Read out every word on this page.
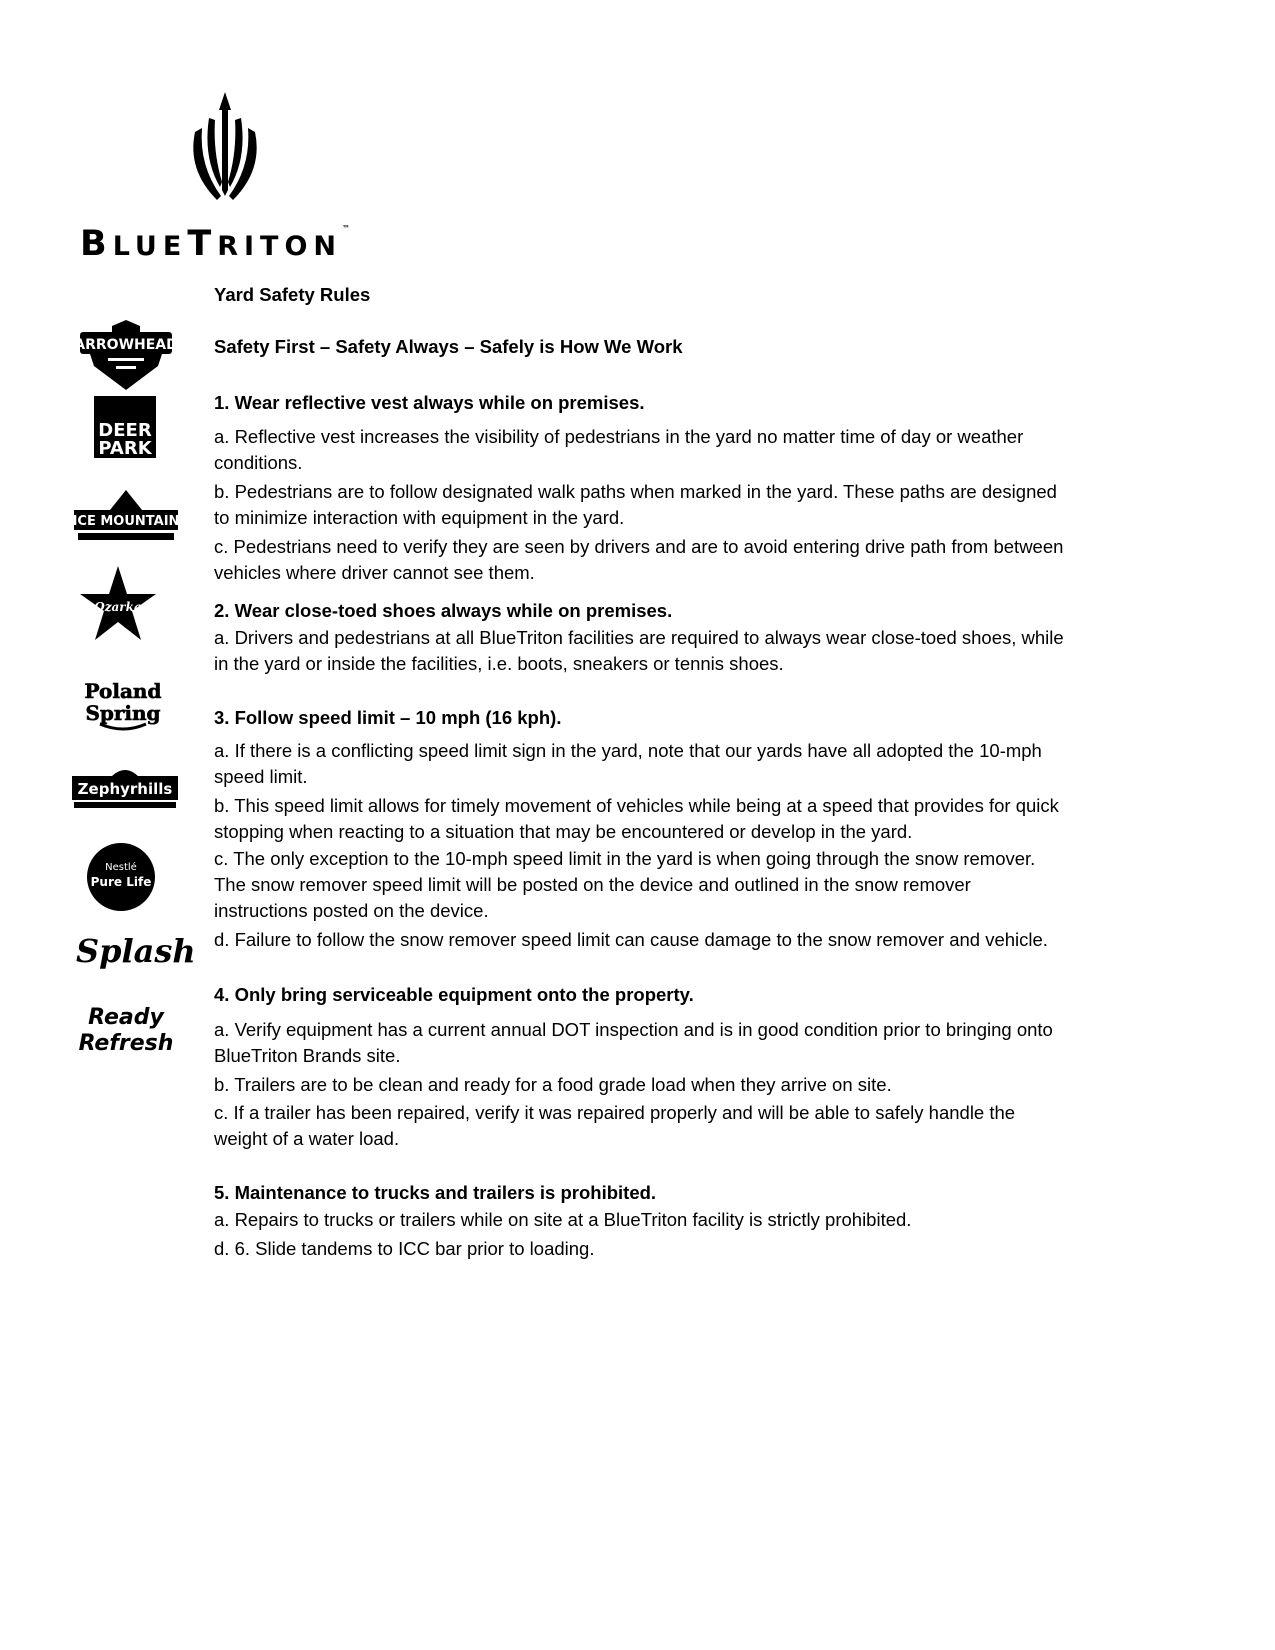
BLUETRITON™
ARROWHEAD
DEER
PARK
ICE MOUNTAIN
Ozarka
Poland
Spring
Zephyrhills
Nestlé
Pure Life
Splash
Ready
Refresh
Yard Safety Rules
Safety First – Safety Always – Safely is How We Work
1. Wear reflective vest always while on premises.
a. Reflective vest increases the visibility of pedestrians in the yard no matter time of day or weather
conditions.
b. Pedestrians are to follow designated walk paths when marked in the yard. These paths are designed
to minimize interaction with equipment in the yard.
c. Pedestrians need to verify they are seen by drivers and are to avoid entering drive path from between
vehicles where driver cannot see them.
2. Wear close-toed shoes always while on premises.
a. Drivers and pedestrians at all BlueTriton facilities are required to always wear close-toed shoes, while
in the yard or inside the facilities, i.e. boots, sneakers or tennis shoes.
3. Follow speed limit – 10 mph (16 kph).
a. If there is a conflicting speed limit sign in the yard, note that our yards have all adopted the 10-mph
speed limit.
b. This speed limit allows for timely movement of vehicles while being at a speed that provides for quick
stopping when reacting to a situation that may be encountered or develop in the yard.
c. The only exception to the 10-mph speed limit in the yard is when going through the snow remover.
The snow remover speed limit will be posted on the device and outlined in the snow remover
instructions posted on the device.
d. Failure to follow the snow remover speed limit can cause damage to the snow remover and vehicle.
4. Only bring serviceable equipment onto the property.
a. Verify equipment has a current annual DOT inspection and is in good condition prior to bringing onto
BlueTriton Brands site.
b. Trailers are to be clean and ready for a food grade load when they arrive on site.
c. If a trailer has been repaired, verify it was repaired properly and will be able to safely handle the
weight of a water load.
5. Maintenance to trucks and trailers is prohibited.
a. Repairs to trucks or trailers while on site at a BlueTriton facility is strictly prohibited.
d. 6. Slide tandems to ICC bar prior to loading.
